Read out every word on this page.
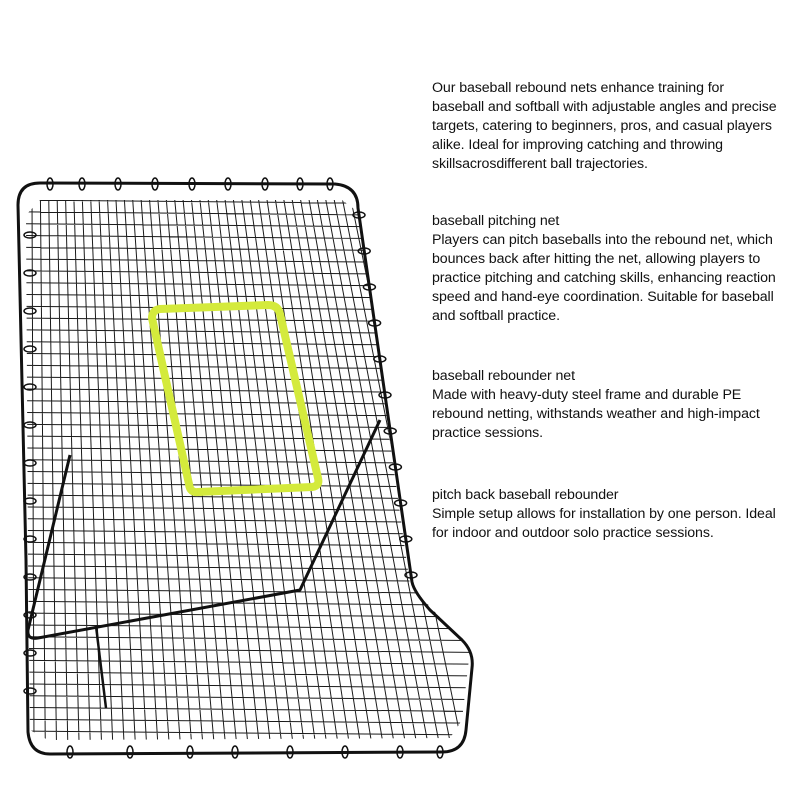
Our baseball rebound nets enhance training for baseball and softball with adjustable angles and precise targets, catering to beginners, pros, and casual players alike. Ideal for improving catching and throwing skillsacrosdifferent ball trajectories.

baseball pitching net

Players can pitch baseballs into the rebound net, which bounces back after hitting the net, allowing players to practice pitching and catching skills, enhancing reaction speed and hand-eye coordination. Suitable for baseball and softball practice.

baseball rebounder net

Made with heavy-duty steel frame and durable PE rebound netting, withstands weather and high-impact practice sessions.

pitch back baseball rebounder

Simple setup allows for installation by one person. Ideal for indoor and outdoor solo practice sessions.
